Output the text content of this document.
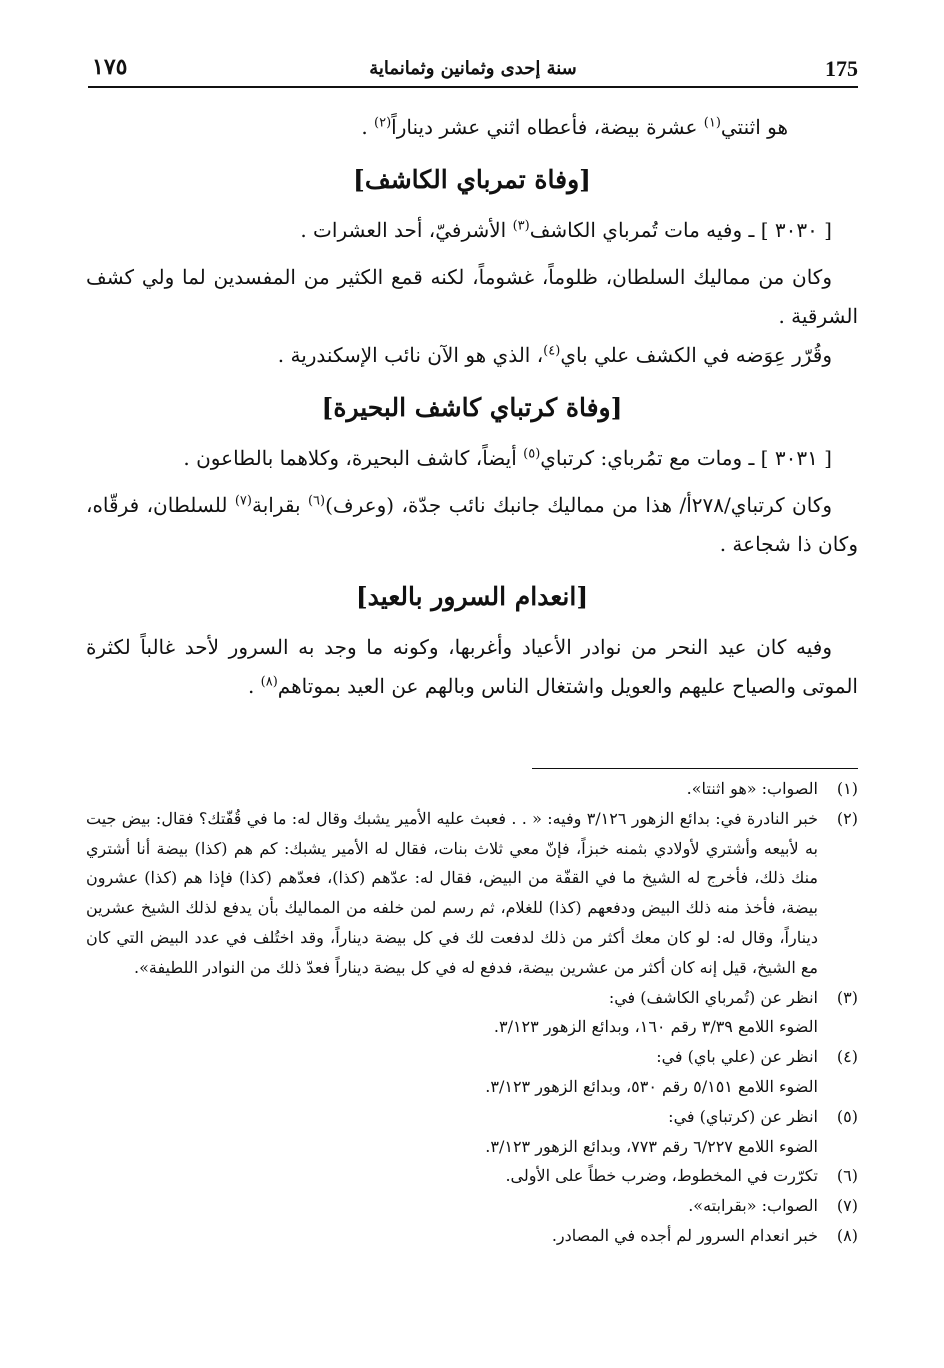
175
سنة إحدى وثمانين وثمانماية
١٧٥

هو اثنتي$^{(١)}$ عشرة بيضة، فأعطاه اثني عشر ديناراً$^{(٢)}$ .

[وفاة تمرباي الكاشف]

[ ٣٠٣٠ ] ـ وفيه مات تُمرباي الكاشف$^{(٣)}$ الأشرفيّ، أحد العشرات .

وكان من مماليك السلطان، ظلوماً، غشوماً، لكنه قمع الكثير من المفسدين لما ولي كشف الشرقية .

وقُرّر عِوَضه في الكشف علي باي$^{(٤)}$، الذي هو الآن نائب الإسكندرية .

[وفاة كرتباي كاشف البحيرة]

[ ٣٠٣١ ] ـ ومات مع تمُرباي: كرتباي$^{(٥)}$ أيضاً، كاشف البحيرة، وكلاهما بالطاعون .

وكان كرتباي/٢٧٨أ/ هذا من مماليك جانبك نائب جدّة، (وعرف)$^{(٦)}$ بقرابة$^{(٧)}$ للسلطان، فرقّاه، وكان ذا شجاعة .

[انعدام السرور بالعيد]

وفيه كان عيد النحر من نوادر الأعياد وأغربها، وكونه ما وجد به السرور لأحد غالباً لكثرة الموتى والصياح عليهم والعويل واشتغال الناس وبالهم عن العيد بموتاهم$^{(٨)}$ .

(١)
الصواب: «هو اثنتا».
(٢)
خبر النادرة في: بدائع الزهور ٣/١٢٦ وفيه: « . . فعبث عليه الأمير يشبك وقال له: ما في قُفّتك؟ فقال: بيض جيت به لأبيعه وأشتري لأولادي بثمنه خبزاً، فإنّ معي ثلاث بنات، فقال له الأمير يشبك: كم هم (كذا) بيضة أنا أشتري منك ذلك، فأخرج له الشيخ ما في القفّة من البيض، فقال له: عدّهم (كذا)، فعدّهم (كذا) فإذا هم (كذا) عشرون بيضة، فأخذ منه ذلك البيض ودفعهم (كذا) للغلام، ثم رسم لمن خلفه من المماليك بأن يدفع لذلك الشيخ عشرين ديناراً، وقال له: لو كان معك أكثر من ذلك لدفعت لك في كل بيضة ديناراً، وقد اختُلف في عدد البيض التي كان مع الشيخ، قيل إنه كان أكثر من عشرين بيضة، فدفع له في كل بيضة ديناراً فعدّ ذلك من النوادر اللطيفة».
(٣)
انظر عن (تُمرباي الكاشف) في:
الضوء اللامع ٣/٣٩ رقم ١٦٠، وبدائع الزهور ٣/١٢٣.
(٤)
انظر عن (علي باي) في:
الضوء اللامع ٥/١٥١ رقم ٥٣٠، وبدائع الزهور ٣/١٢٣.
(٥)
انظر عن (كرتباي) في:
الضوء اللامع ٦/٢٢٧ رقم ٧٧٣، وبدائع الزهور ٣/١٢٣.
(٦)
تكرّرت في المخطوط، وضرب خطاً على الأولى.
(٧)
الصواب: «بقرابته».
(٨)
خبر انعدام السرور لم أجده في المصادر.
